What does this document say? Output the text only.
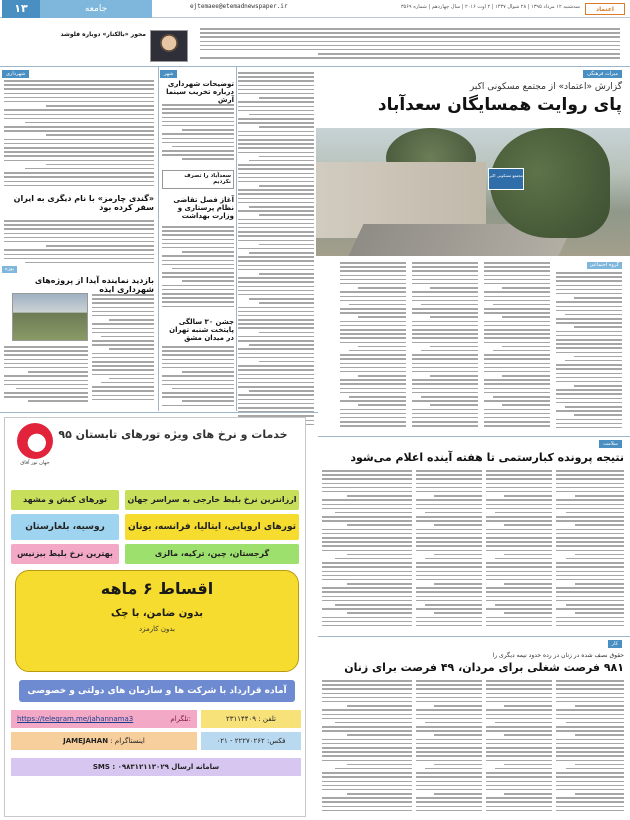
۱۳	جامعه	ejtemaee@etemadnewspaper.ir	سه‌شنبه ۱۲ مرداد ۱۳۹۵ | ۲۸ شوال ۱۴۳۷ | ۲ اوت ۲۰۱۶ | سال چهاردهم | شماره ۳۵۶۹	اعتماد
محور «بالکنار» دوباره فلوشد
میراث فرهنگی
گزارش «اعتماد» از مجتمع مسکونی اکبر
پای روایت همسایگان سعدآباد
مجتمع مسکونی اکبر
گروه اجتماعی
شهر
توضیحات شهرداری درباره تخریب سینما آرش
سعدآباد را تصرف نکردیم
آغاز فصل تقاضی نظام پرستاری و وزارت بهداشت
جشن ۳۰ سالگی پایتخت شنبه تهران در میدان مشق
شهرداری
«گندی چارمز» با نام دیگری به ایران سفر کرده بود
پوزه
بازدید نماینده آیدا از پروژه‌های شهرداری ایذه
سلامت
نتیجه پرونده کبارستمی تا هفته آینده اعلام می‌شود
کار
حقوق نصف شده در زنان در رده حدود نیمه دیگری را
۹۸۱ فرصت شغلی برای مردان، ۴۹ فرصت برای زنان
جهان تور آفاق
خدمات و نرخ های ویژه تورهای تابستان ۹۵
تورهای کیش و مشهد	ارزانترین نرخ بلیط خارجی به سراسر جهان
روسیه، بلغارستان	تورهای اروپایی، ایتالیا، فرانسه، یونان
بهترین نرخ بلیط بیزنیس	گرجستان، چین، ترکیه، مالزی
اقساط ۶ ماهه
بدون ضامن، با چک
بدون کارمزد
آماده قرارداد با شرکت ها و سازمان های دولتی و خصوصی
https://telegram.me/jahannama3	تلگرام:	تلفن : ۲۳۱۱۴۴۰۹
اینستاگرام : JAMEJAHAN	فکس: ۲۲۲۷۰۲۶۲ - ۰۲۱
سامانه ارسال SMS : ۰۹۸۳۱۲۱۱۳۰۲۹
